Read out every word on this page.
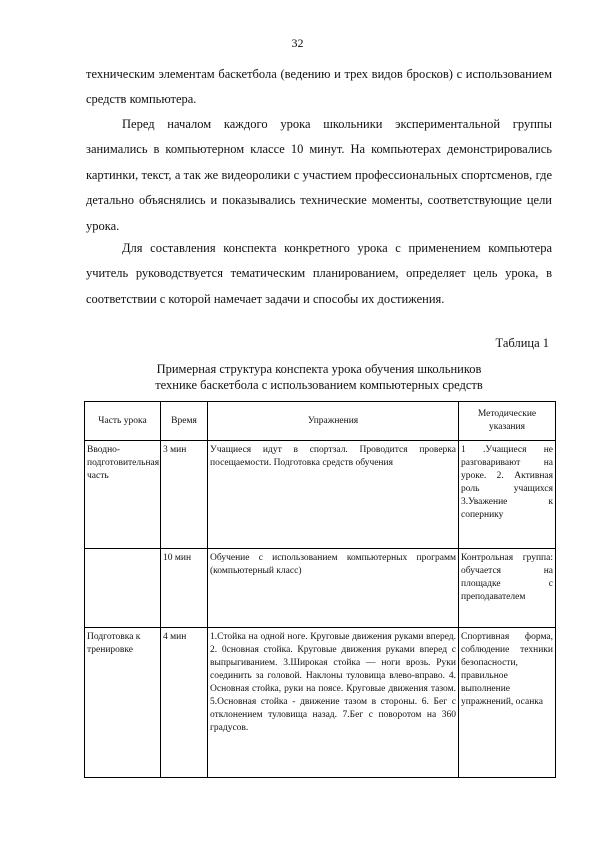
32

техническим элементам баскетбола (ведению и трех видов бросков) с использованием средств компьютера.

Перед началом каждого урока школьники экспериментальной группы занимались в компьютерном классе 10 минут. На компьютерах демонстрировались картинки, текст, а так же видеоролики с участием профессиональных спортсменов, где детально объяснялись и показывались технические моменты, соответствующие цели урока.

Для составления конспекта конкретного урока с применением компьютера учитель руководствуется тематическим планированием, определяет цель урока, в соответствии с которой намечает задачи и способы их достижения.

Таблица 1
Примерная структура конспекта урока обучения школьников
технике баскетбола с использованием компьютерных средств
Часть урока	Время	Упражнения	Методические указания
Вводно-подготовительная часть	3 мин	Учащиеся идут в спортзал. Проводится проверка посещаемости. Подготовка средств обучения	1 .Учащиеся не разговаривают на уроке. 2. Активная роль учащихся 3.Уважение к сопернику
	10 мин	Обучение с использованием компьютерных программ (компьютерный класс)	Контрольная группа: обучается на площадке с преподавателем
Подготовка к тренировке	4 мин	1.Стойка на одной ноге. Круговые движения руками вперед. 2. 0сновная стойка. Круговые движения руками вперед с выпрыгиванием. 3.Широкая стойка — ноги врозь. Руки соединить за головой. Наклоны туловища влево-вправо. 4. Основная стойка, руки на поясе. Круговые движения тазом. 5.Основная стойка - движение тазом в стороны. 6. Бег с отклонением туловища назад. 7.Бег с поворотом на 360 градусов.	Спортивная форма, соблюдение техники безопасности, правильное выполнение упражнений, осанка
